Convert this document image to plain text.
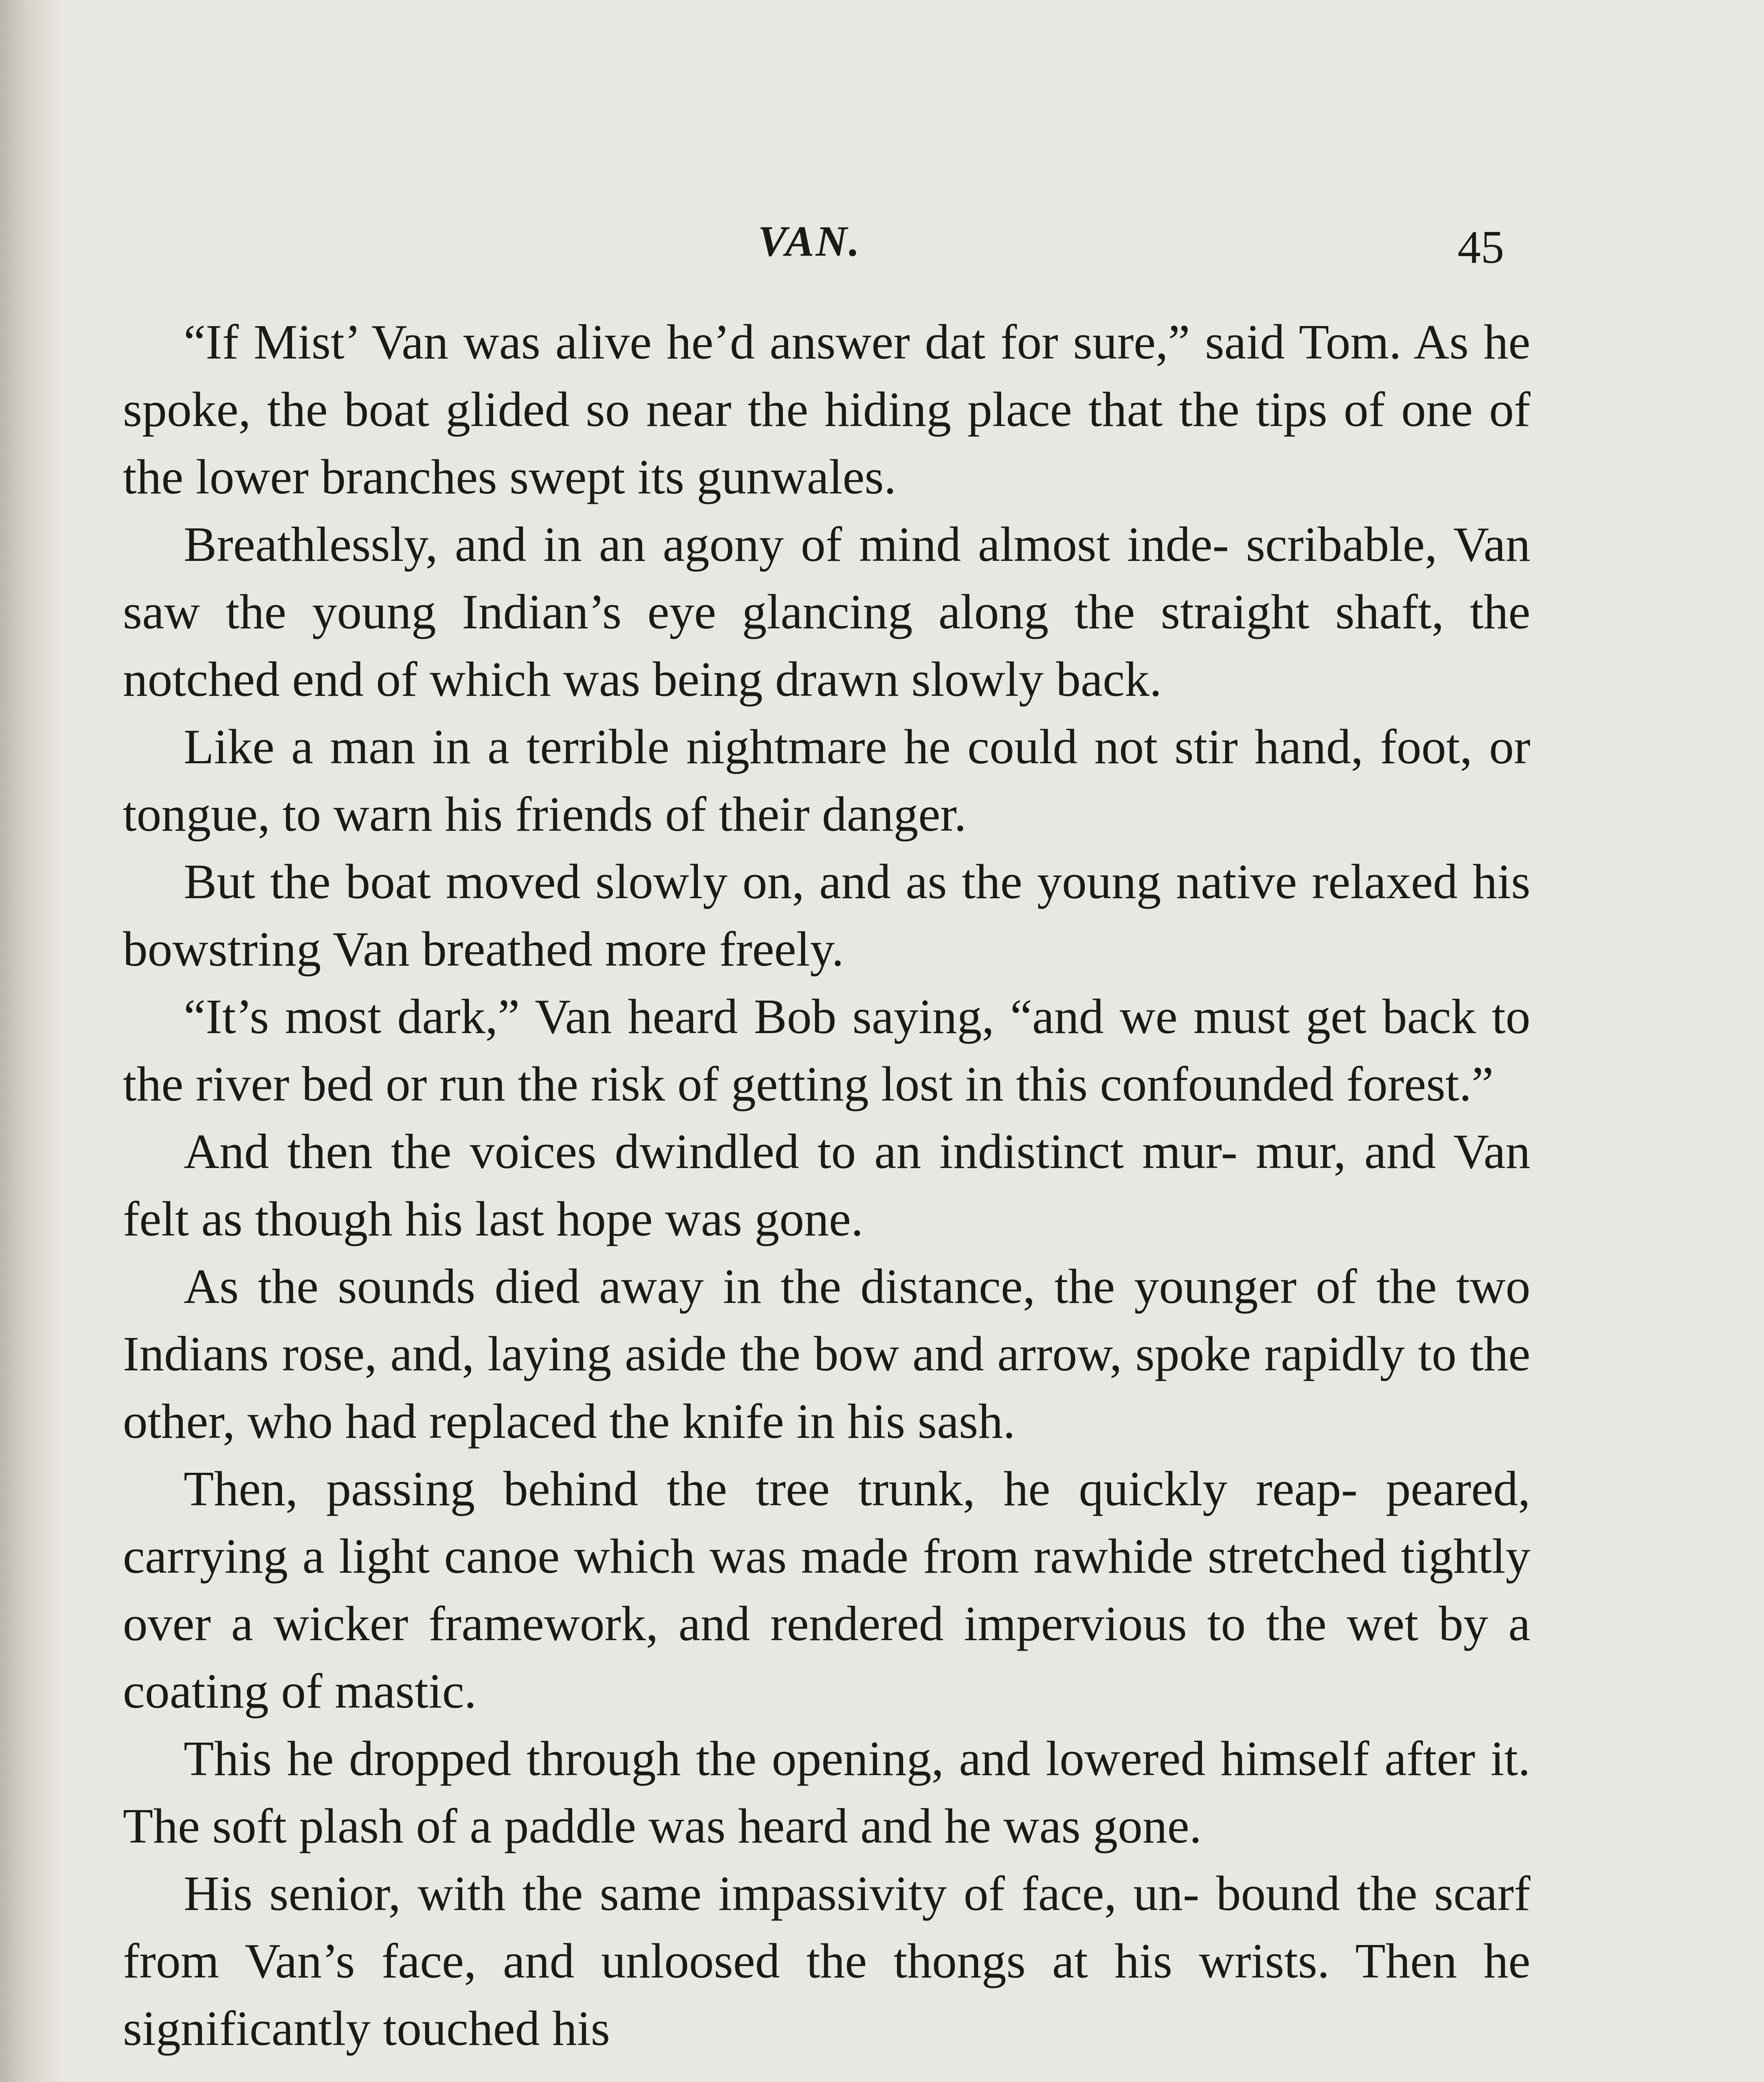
VAN.	45

“If Mist’ Van was alive he’d answer dat for sure,” said Tom. As he spoke, the boat glided so near the hiding place that the tips of one of the lower branches swept its gunwales.

Breathlessly, and in an agony of mind almost inde- scribable, Van saw the young Indian’s eye glancing along the straight shaft, the notched end of which was being drawn slowly back.

Like a man in a terrible nightmare he could not stir hand, foot, or tongue, to warn his friends of their danger.

But the boat moved slowly on, and as the young native relaxed his bowstring Van breathed more freely.

“It’s most dark,” Van heard Bob saying, “and we must get back to the river bed or run the risk of getting lost in this confounded forest.”

And then the voices dwindled to an indistinct mur- mur, and Van felt as though his last hope was gone.

As the sounds died away in the distance, the younger of the two Indians rose, and, laying aside the bow and arrow, spoke rapidly to the other, who had replaced the knife in his sash.

Then, passing behind the tree trunk, he quickly reap- peared, carrying a light canoe which was made from rawhide stretched tightly over a wicker framework, and rendered impervious to the wet by a coating of mastic.

This he dropped through the opening, and lowered himself after it. The soft plash of a paddle was heard and he was gone.

His senior, with the same impassivity of face, un- bound the scarf from Van’s face, and unloosed the thongs at his wrists. Then he significantly touched his
